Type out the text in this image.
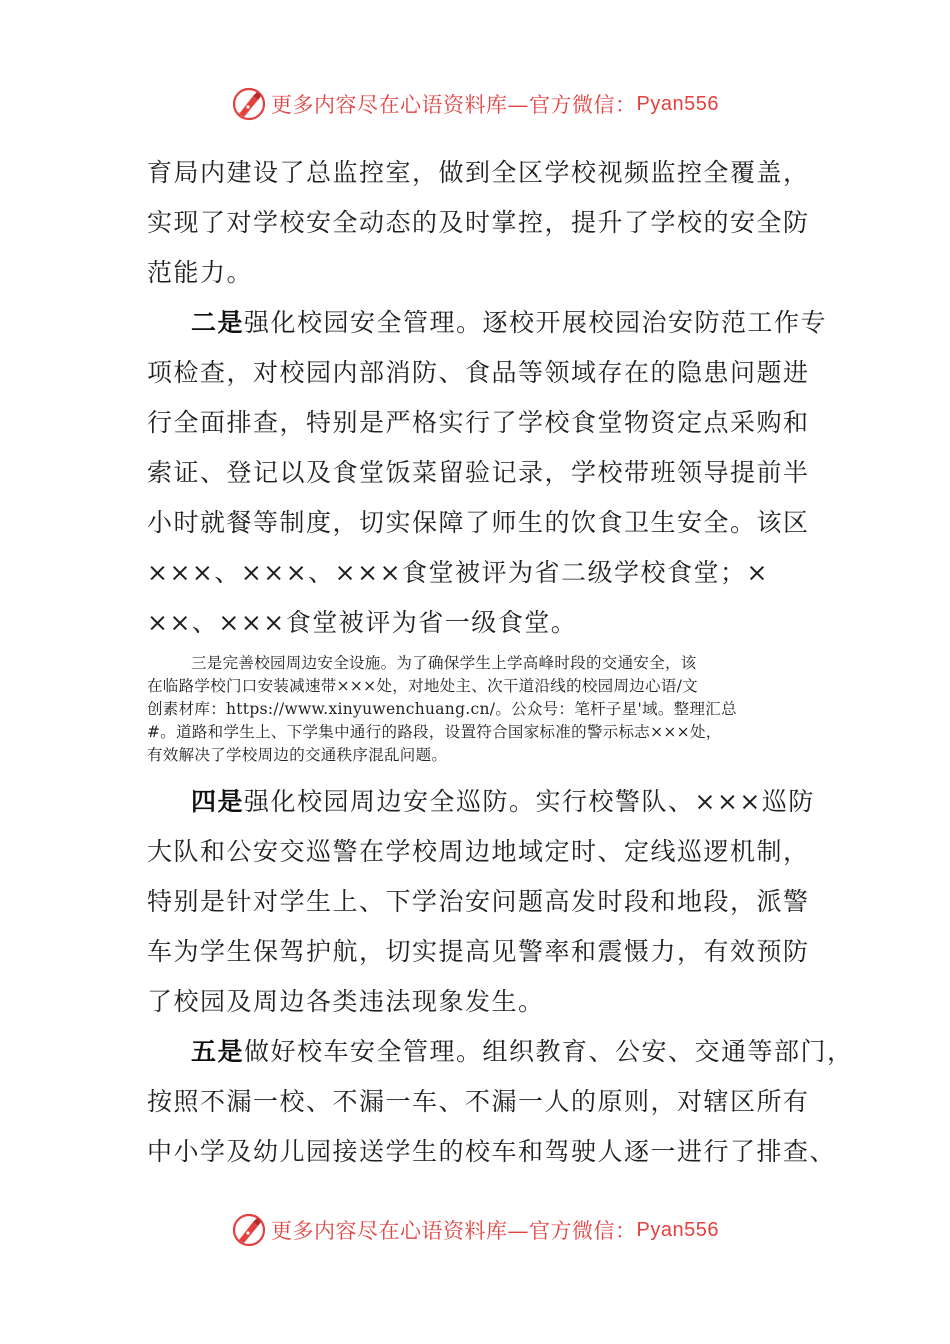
更多内容尽在心语资料库—官方微信： Pyan556

育局内建设了总监控室，做到全区学校视频监控全覆盖，
实现了对学校安全动态的及时掌控，提升了学校的安全防
范能力。

二是强化校园安全管理。逐校开展校园治安防范工作专
项检查，对校园内部消防、食品等领域存在的隐患问题进
行全面排查，特别是严格实行了学校食堂物资定点采购和
索证、登记以及食堂饭菜留验记录，学校带班领导提前半
小时就餐等制度，切实保障了师生的饮食卫生安全。该区
×××、×××、×××食堂被评为省二级学校食堂；×
××、×××食堂被评为省一级食堂。

三是完善校园周边安全设施。为了确保学生上学高峰时段的交通安全，该
在临路学校门口安装减速带×××处，对地处主、次干道沿线的校园周边心语/文
创素材库：https://www.xinyuwenchuang.cn/。公众号：笔杆子星'域。整理汇总
#。道路和学生上、下学集中通行的路段，设置符合国家标准的警示标志×××处，
有效解决了学校周边的交通秩序混乱问题。

四是强化校园周边安全巡防。实行校警队、×××巡防
大队和公安交巡警在学校周边地域定时、定线巡逻机制，
特别是针对学生上、下学治安问题高发时段和地段，派警
车为学生保驾护航，切实提高见警率和震慑力，有效预防
了校园及周边各类违法现象发生。

五是做好校车安全管理。组织教育、公安、交通等部门，
按照不漏一校、不漏一车、不漏一人的原则，对辖区所有
中小学及幼儿园接送学生的校车和驾驶人逐一进行了排查、

更多内容尽在心语资料库—官方微信： Pyan556
